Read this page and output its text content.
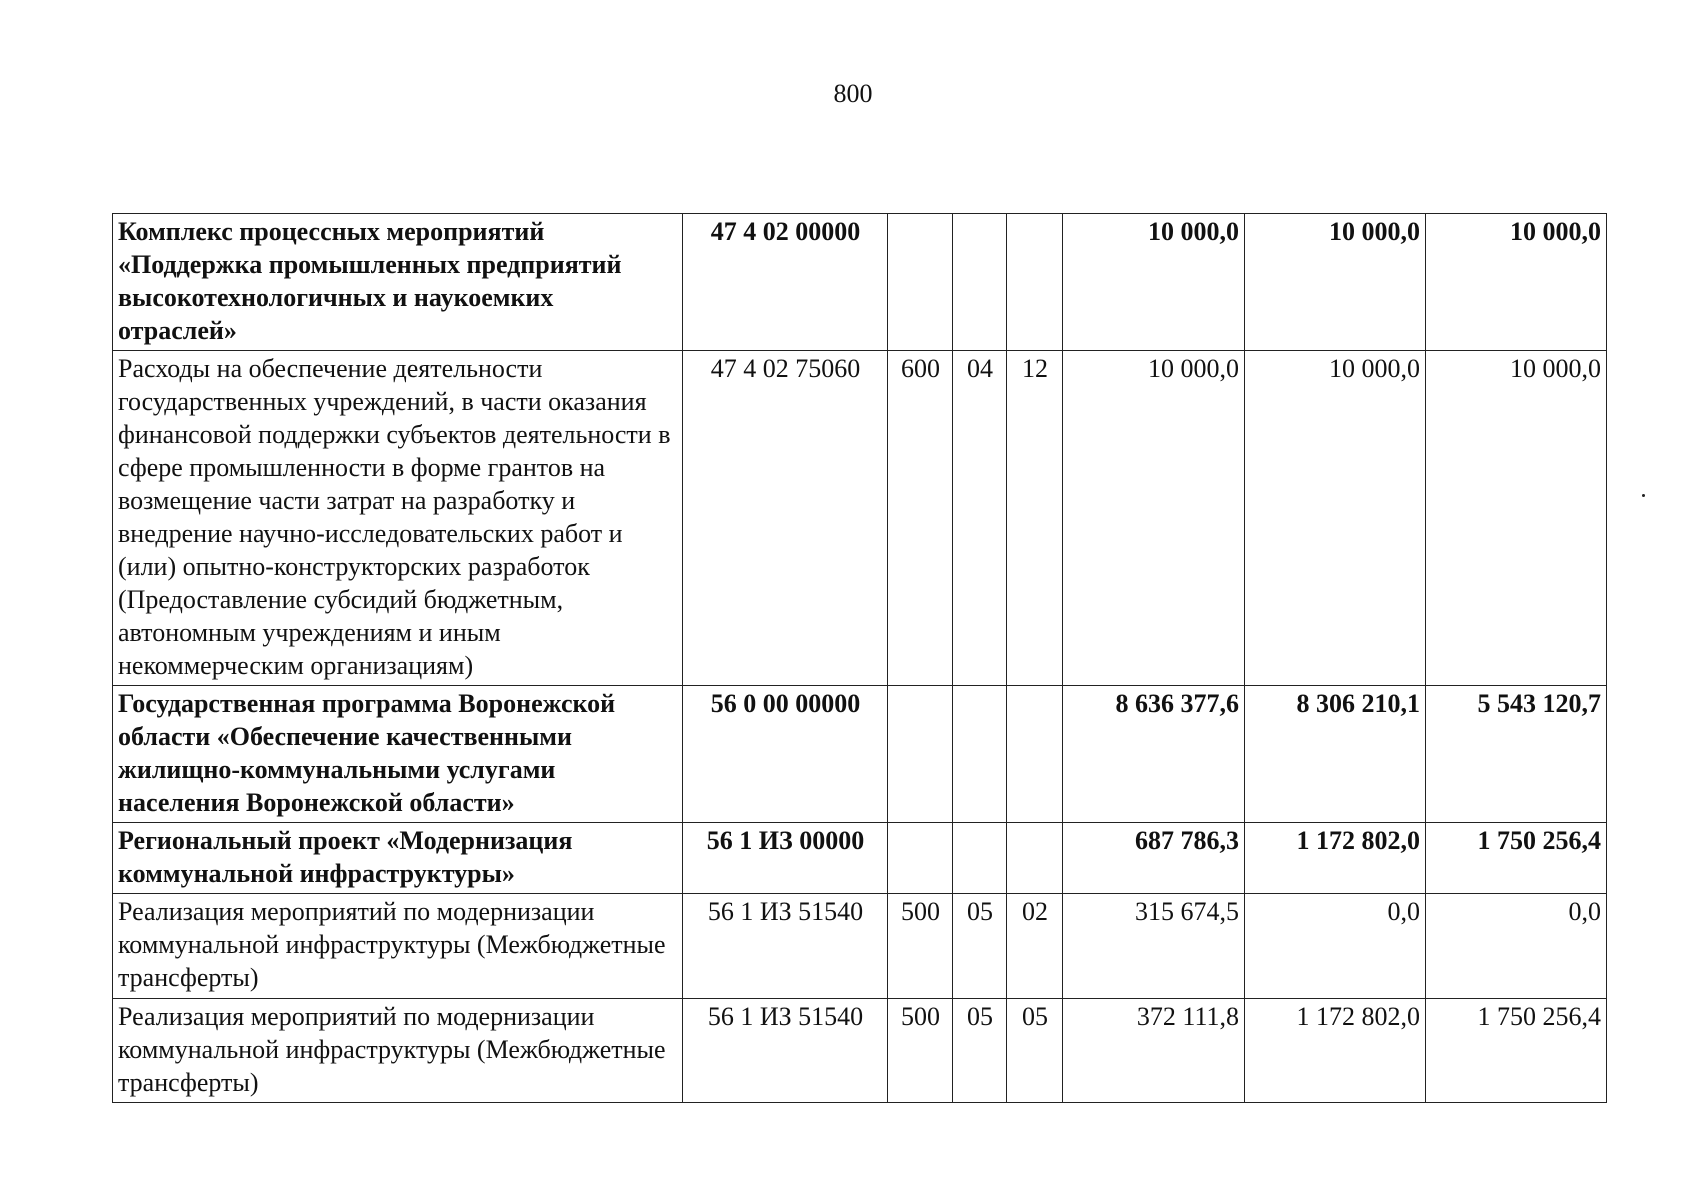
800
Комплекс процессных мероприятий «Поддержка промышленных предприятий высокотехнологичных и наукоемких отраслей»	47 4 02 00000				10 000,0	10 000,0	10 000,0
Расходы на обеспечение деятельности государственных учреждений, в части оказания финансовой поддержки субъектов деятельности в сфере промышленности в форме грантов на возмещение части затрат на разработку и внедрение научно-исследовательских работ и (или) опытно-конструкторских разработок (Предоставление субсидий бюджетным, автономным учреждениям и иным некоммерческим организациям)	47 4 02 75060	600	04	12	10 000,0	10 000,0	10 000,0
Государственная программа Воронежской области «Обеспечение качественными жилищно-коммунальными услугами населения Воронежской области»	56 0 00 00000				8 636 377,6	8 306 210,1	5 543 120,7
Региональный проект «Модернизация коммунальной инфраструктуры»	56 1 ИЗ 00000				687 786,3	1 172 802,0	1 750 256,4
Реализация мероприятий по модернизации коммунальной инфраструктуры (Межбюджетные трансферты)	56 1 ИЗ 51540	500	05	02	315 674,5	0,0	0,0
Реализация мероприятий по модернизации коммунальной инфраструктуры (Межбюджетные трансферты)	56 1 ИЗ 51540	500	05	05	372 111,8	1 172 802,0	1 750 256,4
